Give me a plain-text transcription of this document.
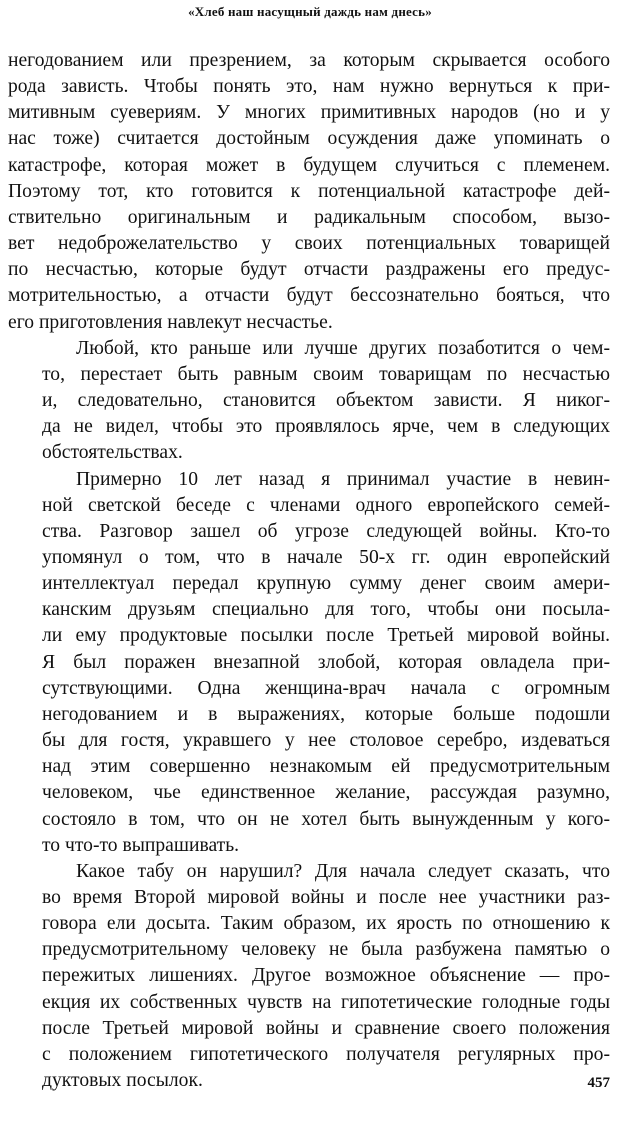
«Хлеб наш насущный даждь нам днесь»
негодованием или презрением, за которым скрывается особого
рода зависть. Чтобы понять это, нам нужно вернуться к при-
митивным суевериям. У многих примитивных народов (но и у
нас тоже) считается достойным осуждения даже упоминать о
катастрофе, которая может в будущем случиться с племенем.
Поэтому тот, кто готовится к потенциальной катастрофе дей-
ствительно оригинальным и радикальным способом, вызо-
вет недоброжелательство у своих потенциальных товарищей
по несчастью, которые будут отчасти раздражены его предус-
мотрительностью, а отчасти будут бессознательно бояться, что
его приготовления навлекут несчастье.
Любой, кто раньше или лучше других позаботится о чем-
то, перестает быть равным своим товарищам по несчастью
и, следовательно, становится объектом зависти. Я никог-
да не видел, чтобы это проявлялось ярче, чем в следующих
обстоятельствах.
Примерно 10 лет назад я принимал участие в невин-
ной светской беседе с членами одного европейского семей-
ства. Разговор зашел об угрозе следующей войны. Кто-то
упомянул о том, что в начале 50-х гг. один европейский
интеллектуал передал крупную сумму денег своим амери-
канским друзьям специально для того, чтобы они посыла-
ли ему продуктовые посылки после Третьей мировой войны.
Я был поражен внезапной злобой, которая овладела при-
сутствующими. Одна женщина-врач начала с огромным
негодованием и в выражениях, которые больше подошли
бы для гостя, укравшего у нее столовое серебро, издеваться
над этим совершенно незнакомым ей предусмотрительным
человеком, чье единственное желание, рассуждая разумно,
состояло в том, что он не хотел быть вынужденным у кого-
то что-то выпрашивать.
Какое табу он нарушил? Для начала следует сказать, что
во время Второй мировой войны и после нее участники раз-
говора ели досыта. Таким образом, их ярость по отношению к
предусмотрительному человеку не была разбужена памятью о
пережитых лишениях. Другое возможное объяснение — про-
екция их собственных чувств на гипотетические голодные годы
после Третьей мировой войны и сравнение своего положения
с положением гипотетического получателя регулярных про-
дуктовых посылок.	457
